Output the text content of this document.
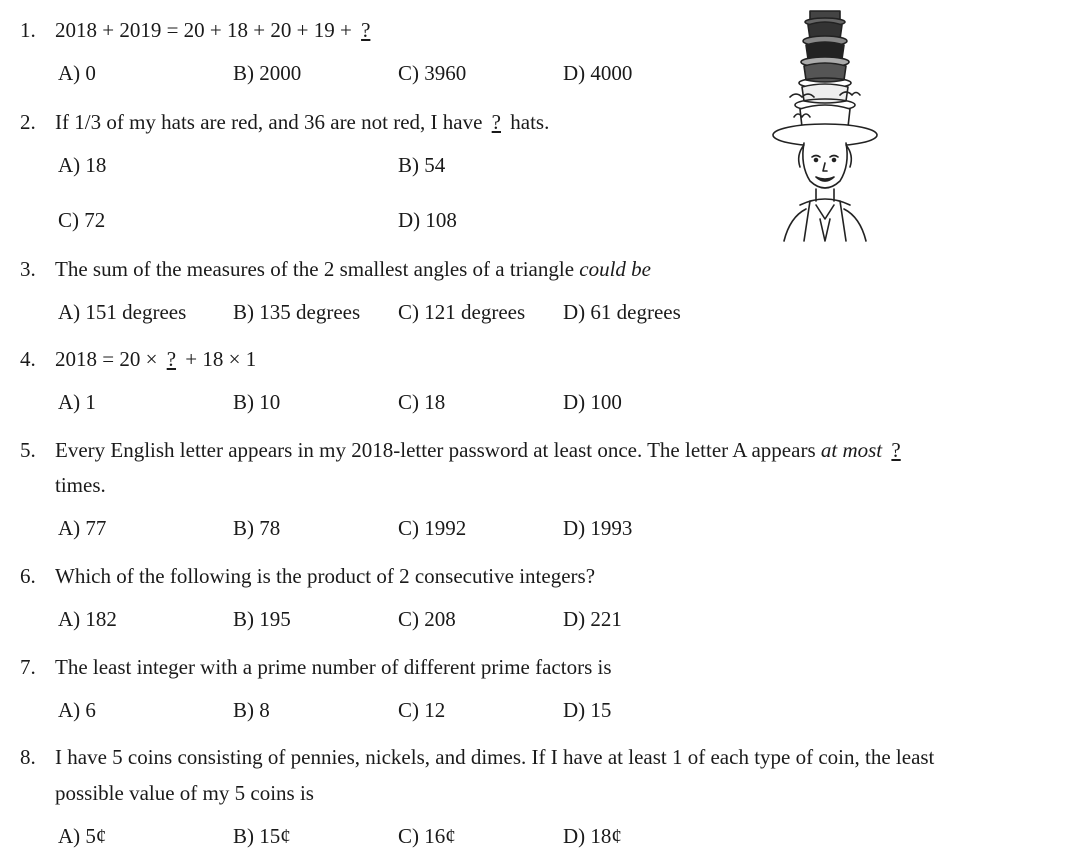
1. 2018 + 2019 = 20 + 18 + 20 + 19 + ?
A) 0	B) 2000	C) 3960	D) 4000
2. If 1/3 of my hats are red, and 36 are not red, I have ? hats.
A) 18	B) 54
C) 72	D) 108
3. The sum of the measures of the 2 smallest angles of a triangle could be
A) 151 degrees B) 135 degrees C) 121 degrees D) 61 degrees
4. 2018 = 20 × ? + 18 × 1
A) 1	B) 10	C) 18	D) 100
5. Every English letter appears in my 2018-letter password at least once. The letter A appears at most ?
times.
A) 77	B) 78	C) 1992	D) 1993
6. Which of the following is the product of 2 consecutive integers?
A) 182	B) 195	C) 208	D) 221
7. The least integer with a prime number of different prime factors is
A) 6	B) 8	C) 12	D) 15
8. I have 5 coins consisting of pennies, nickels, and dimes. If I have at least 1 of each type of coin, the least
possible value of my 5 coins is
A) 5¢	B) 15¢	C) 16¢	D) 18¢
